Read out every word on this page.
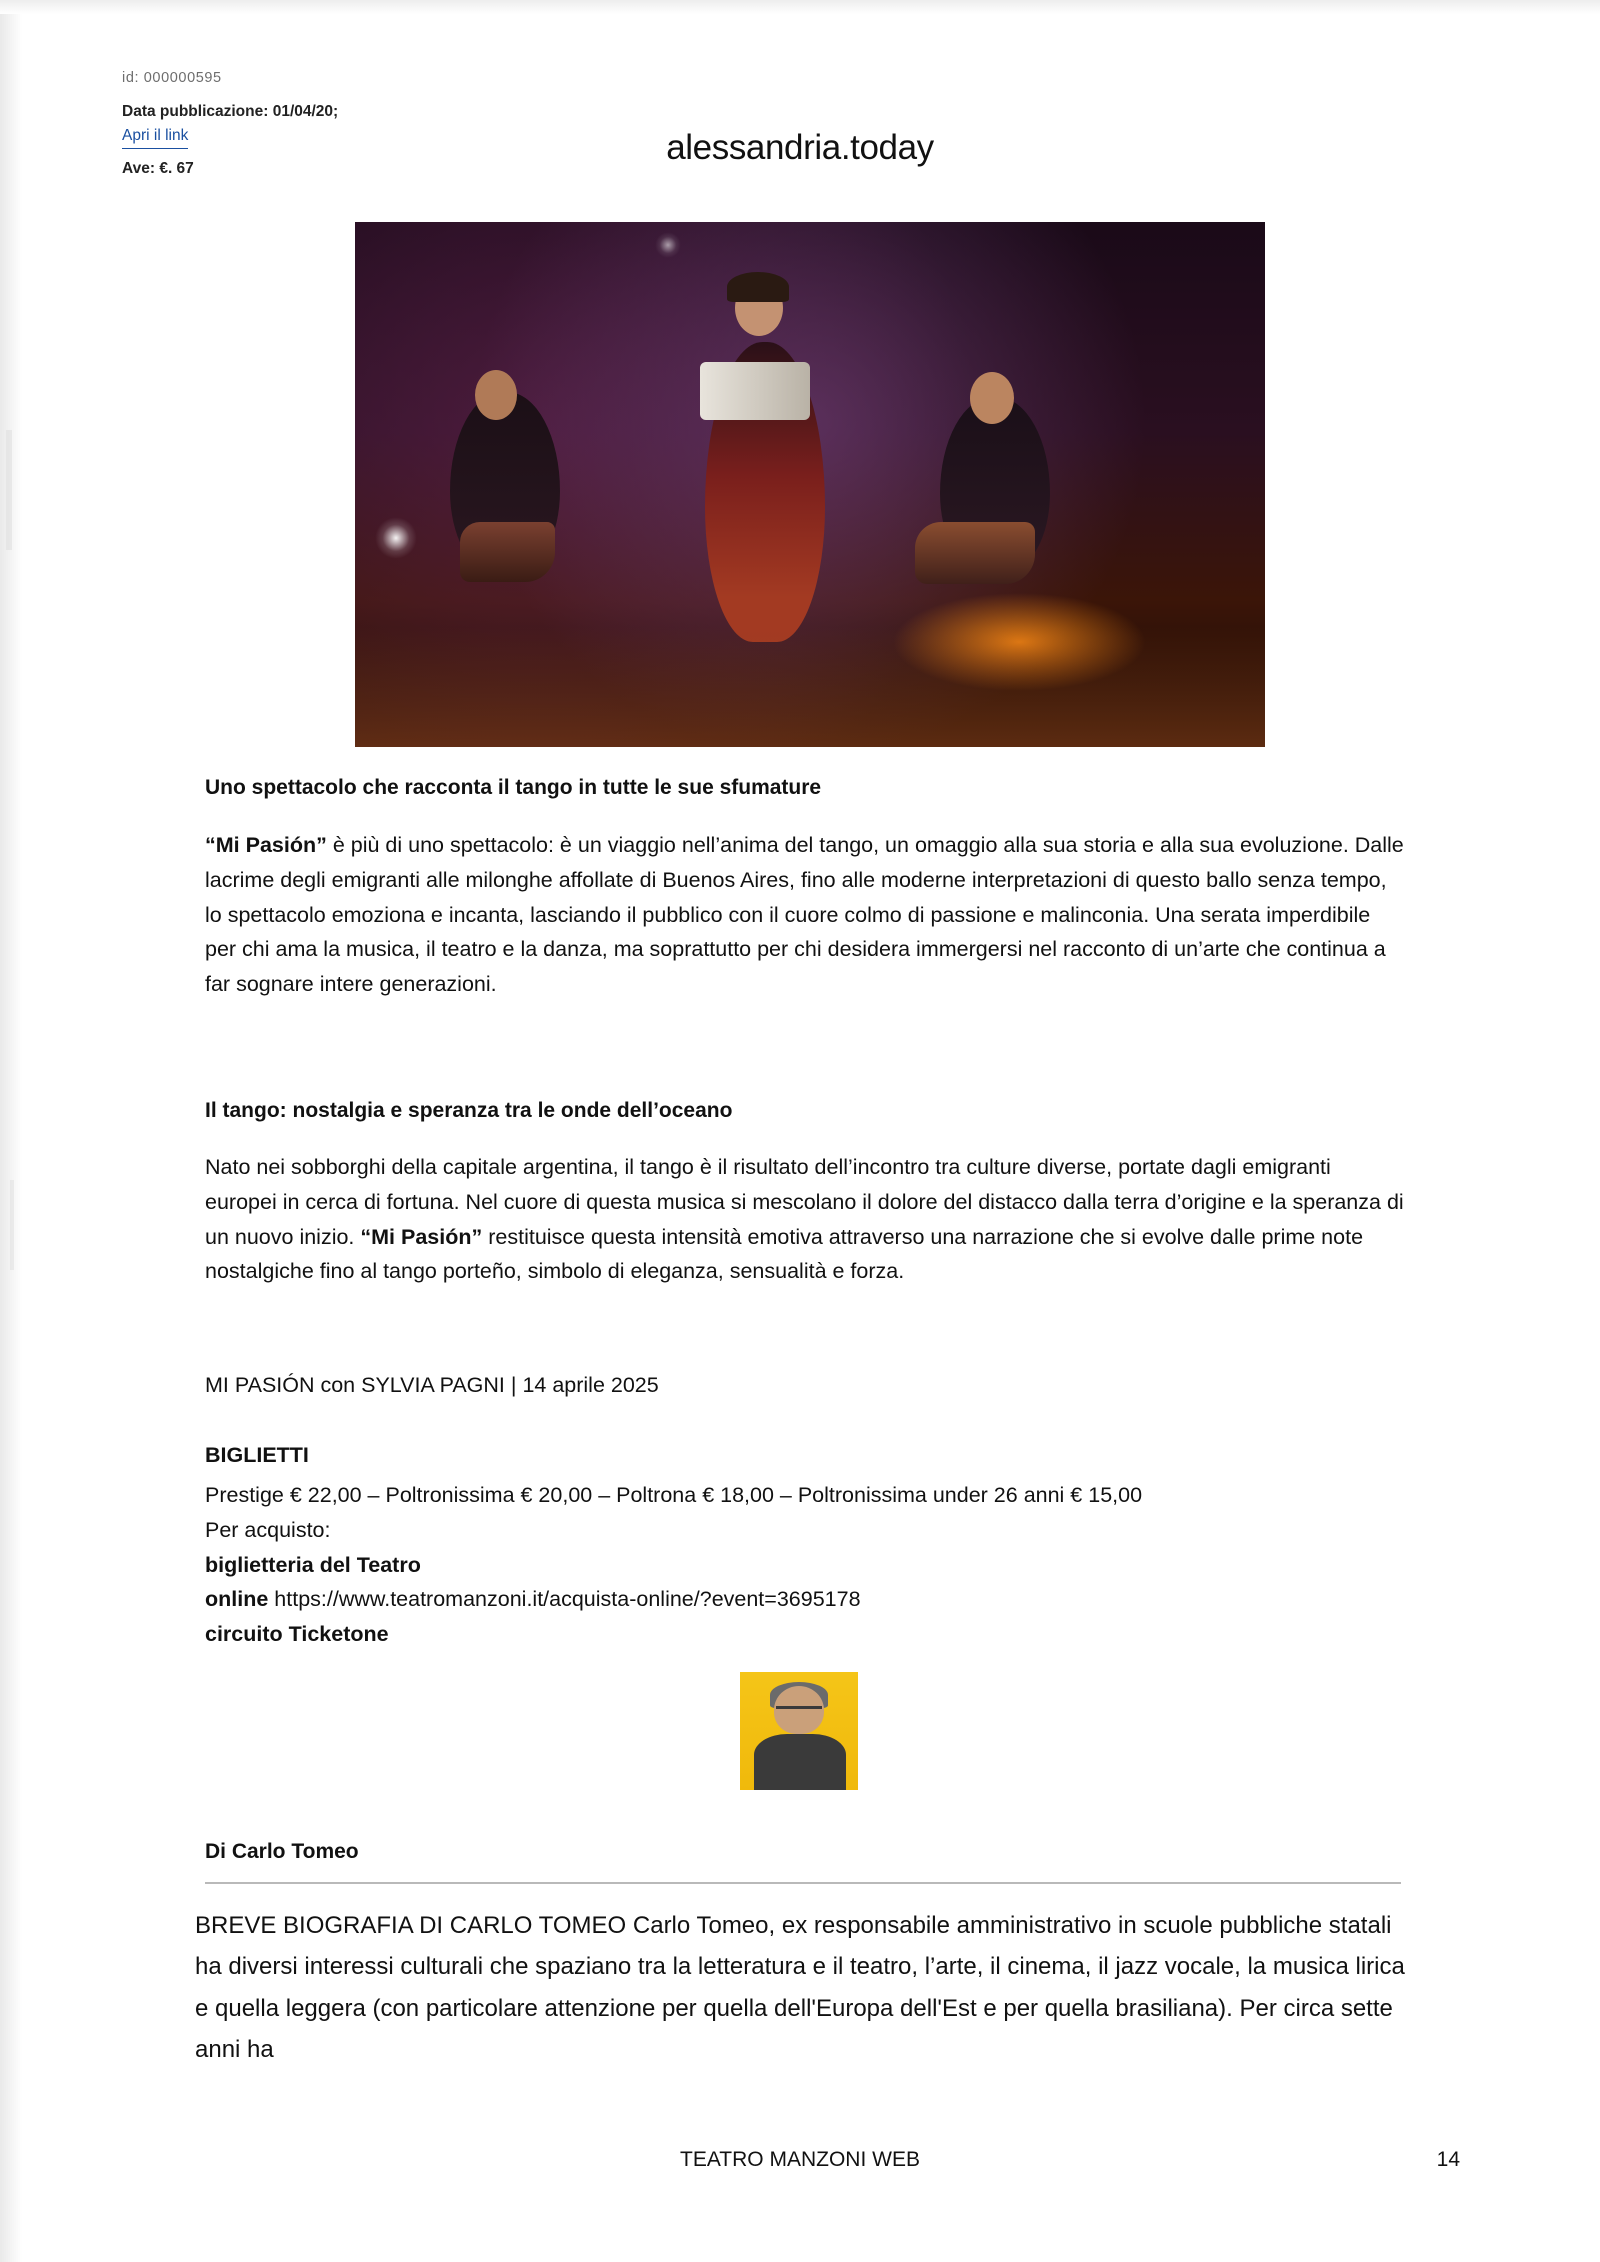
id: 000000595
Data pubblicazione: 01/04/20;
Apri il link
Ave: €. 67
alessandria.today
Uno spettacolo che racconta il tango in tutte le sue sfumature
“Mi Pasión” è più di uno spettacolo: è un viaggio nell’anima del tango, un omaggio alla sua storia e alla sua evoluzione. Dalle lacrime degli emigranti alle milonghe affollate di Buenos Aires, fino alle moderne interpretazioni di questo ballo senza tempo, lo spettacolo emoziona e incanta, lasciando il pubblico con il cuore colmo di passione e malinconia. Una serata imperdibile per chi ama la musica, il teatro e la danza, ma soprattutto per chi desidera immergersi nel racconto di un’arte che continua a far sognare intere generazioni.
Il tango: nostalgia e speranza tra le onde dell’oceano
Nato nei sobborghi della capitale argentina, il tango è il risultato dell’incontro tra culture diverse, portate dagli emigranti europei in cerca di fortuna. Nel cuore di questa musica si mescolano il dolore del distacco dalla terra d’origine e la speranza di un nuovo inizio. “Mi Pasión” restituisce questa intensità emotiva attraverso una narrazione che si evolve dalle prime note nostalgiche fino al tango porteño, simbolo di eleganza, sensualità e forza.
MI PASIÓN con SYLVIA PAGNI | 14 aprile 2025
BIGLIETTI
Prestige € 22,00 – Poltronissima € 20,00 – Poltrona € 18,00 – Poltronissima under 26 anni € 15,00
Per acquisto:
biglietteria del Teatro
online https://www.teatromanzoni.it/acquista-online/?event=3695178
circuito Ticketone
Di Carlo Tomeo
BREVE BIOGRAFIA DI CARLO TOMEO Carlo Tomeo, ex responsabile amministrativo in scuole pubbliche statali ha diversi interessi culturali che spaziano tra la letteratura e il teatro, l’arte, il cinema, il jazz vocale, la musica lirica e quella leggera (con particolare attenzione per quella dell'Europa dell'Est e per quella brasiliana). Per circa sette anni ha
TEATRO MANZONI WEB	14
